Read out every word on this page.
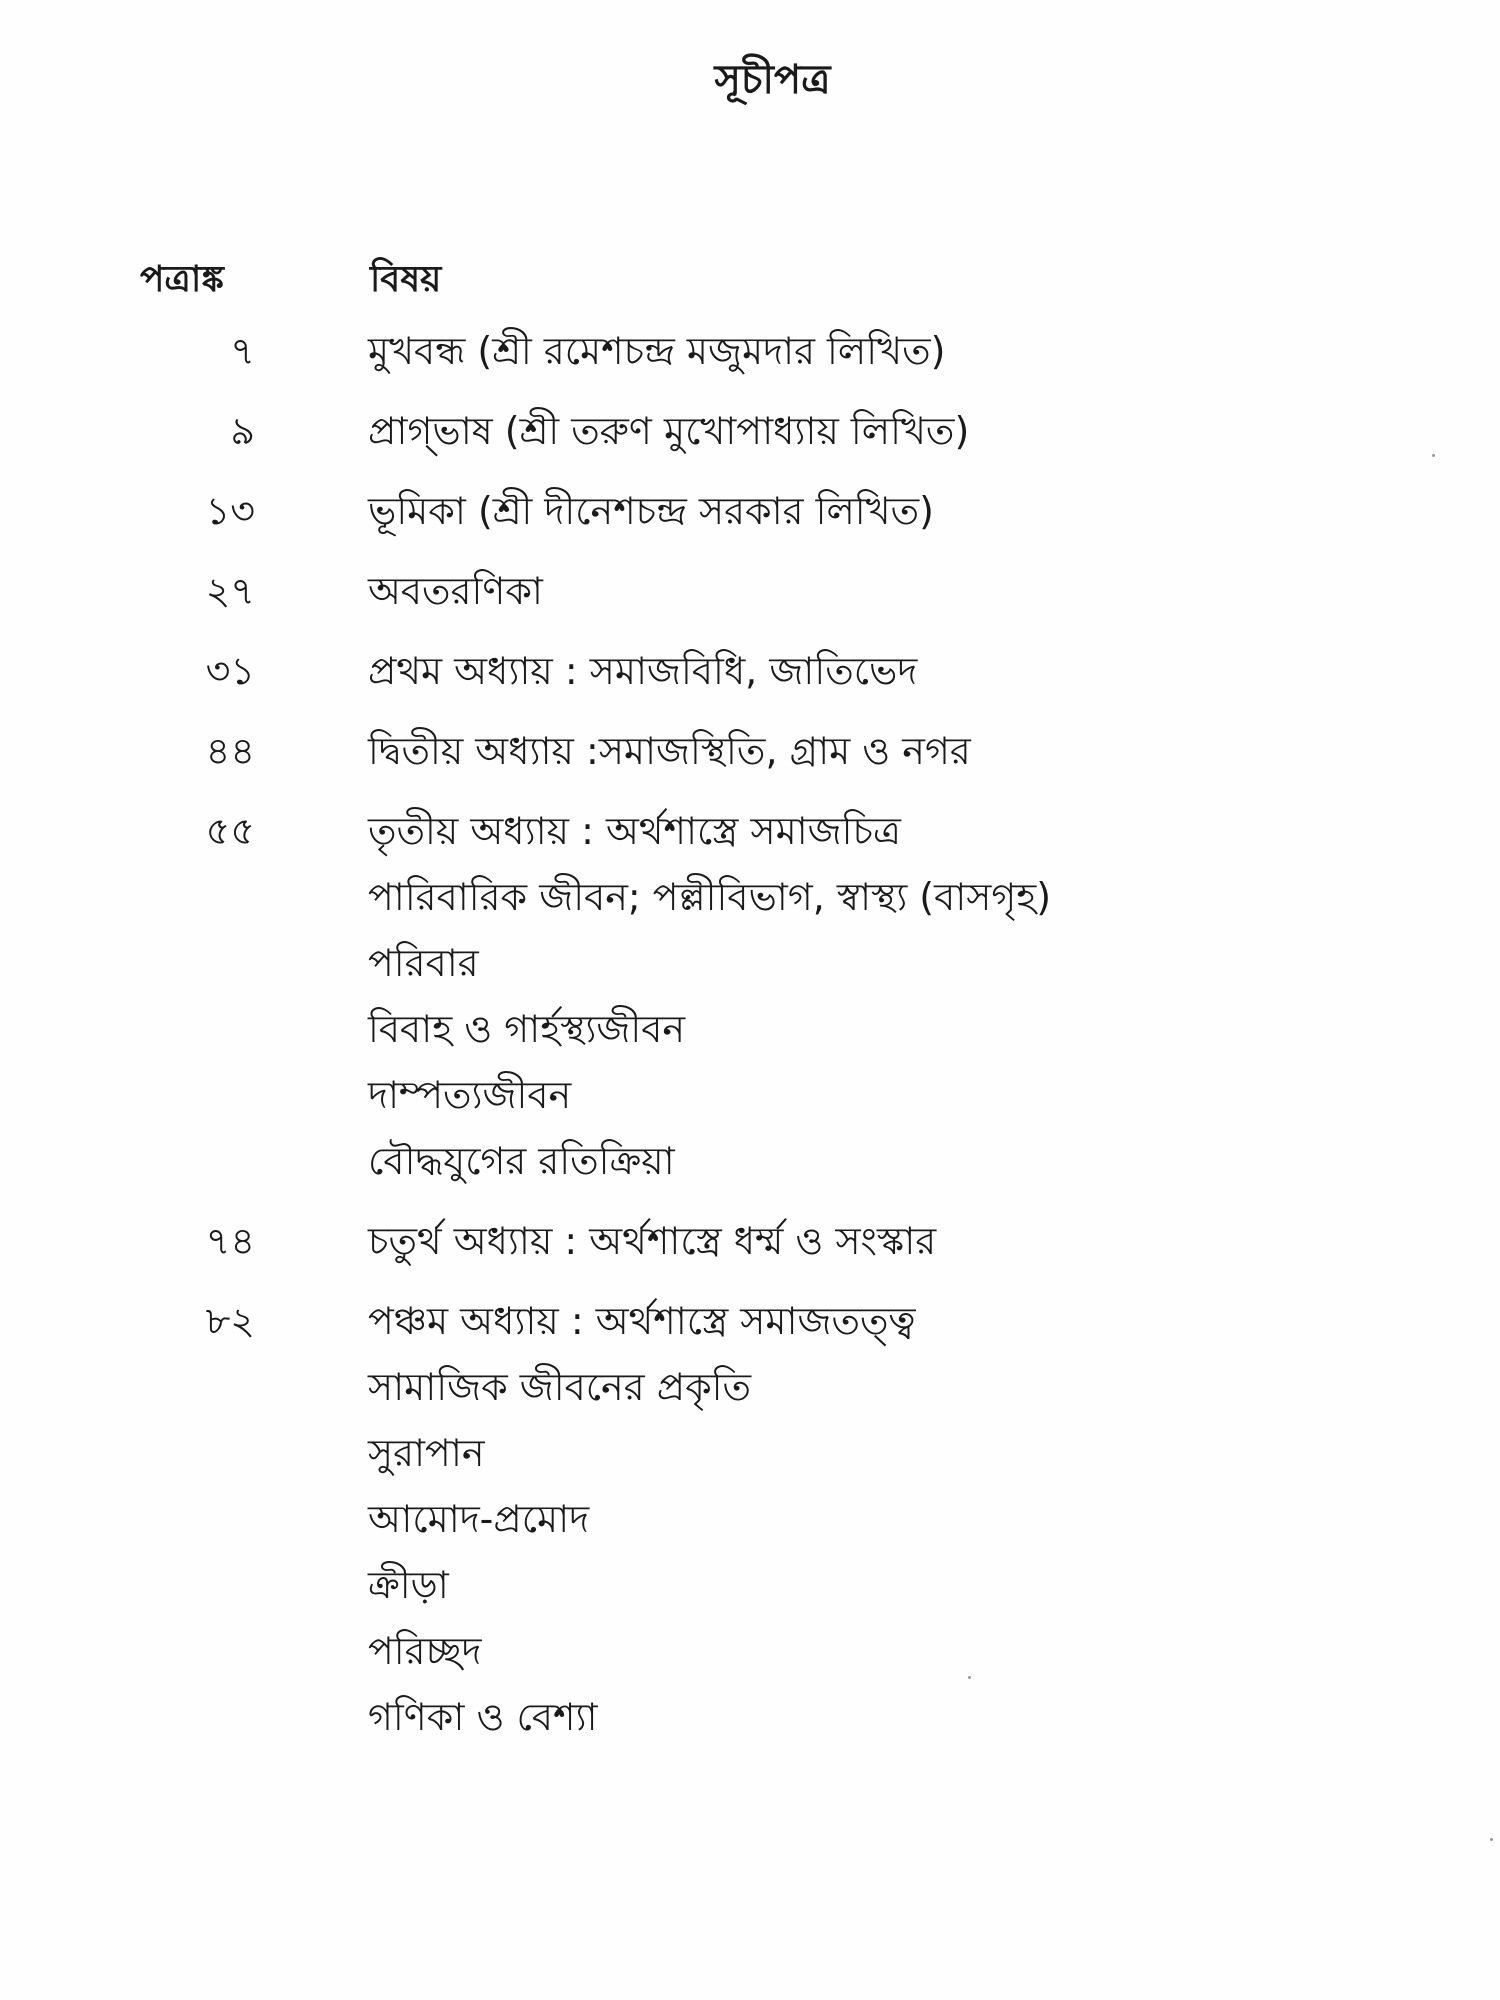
সূচীপত্র
পত্রাঙ্ক	বিষয়
৭	মুখবন্ধ (শ্রী রমেশচন্দ্র মজুমদার লিখিত)
৯	প্রাগ্ভাষ (শ্রী তরুণ মুখোপাধ্যায় লিখিত)
১৩	ভূমিকা (শ্রী দীনেশচন্দ্র সরকার লিখিত)
২৭	অবতরণিকা
৩১	প্রথম অধ্যায় : সমাজবিধি, জাতিভেদ
৪৪	দ্বিতীয় অধ্যায় :সমাজস্থিতি, গ্রাম ও নগর
৫৫	তৃতীয় অধ্যায় : অর্থশাস্ত্রে সমাজচিত্র
পারিবারিক জীবন; পল্লীবিভাগ, স্বাস্থ্য (বাসগৃহ)
পরিবার
বিবাহ ও গার্হস্থ্যজীবন
দাম্পত্যজীবন
বৌদ্ধযুগের রতিক্রিয়া
৭৪	চতুর্থ অধ্যায় : অর্থশাস্ত্রে ধর্ম্ম ও সংস্কার
৮২	পঞ্চম অধ্যায় : অর্থশাস্ত্রে সমাজতত্ত্ব
সামাজিক জীবনের প্রকৃতি
সুরাপান
আমোদ-প্রমোদ
ক্রীড়া
পরিচ্ছদ
গণিকা ও বেশ্যা
